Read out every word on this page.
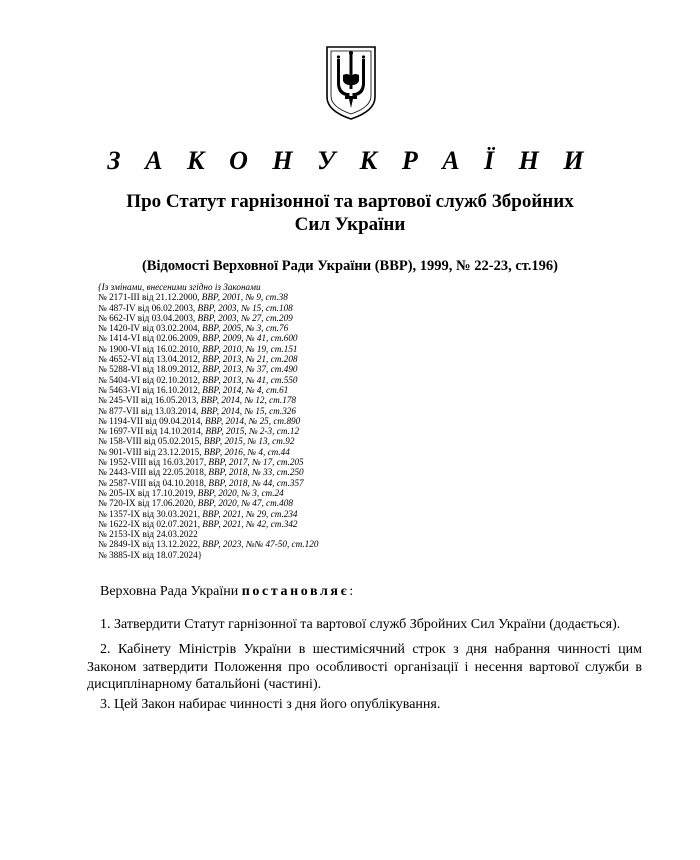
З А К О Н У К Р А Ї Н И
Про Статут гарнізонної та вартової служб Збройних Сил України
(Відомості Верховної Ради України (ВВР), 1999, № 22-23, ст.196)
{Із змінами, внесеними згідно із Законами
№ 2171-III від 21.12.2000, ВВР, 2001, № 9, ст.38
№ 487-IV від 06.02.2003, ВВР, 2003, № 15, ст.108
№ 662-IV від 03.04.2003, ВВР, 2003, № 27, ст.209
№ 1420-IV від 03.02.2004, ВВР, 2005, № 3, ст.76
№ 1414-VI від 02.06.2009, ВВР, 2009, № 41, ст.600
№ 1900-VI від 16.02.2010, ВВР, 2010, № 19, ст.151
№ 4652-VI від 13.04.2012, ВВР, 2013, № 21, ст.208
№ 5288-VI від 18.09.2012, ВВР, 2013, № 37, ст.490
№ 5404-VI від 02.10.2012, ВВР, 2013, № 41, ст.550
№ 5463-VI від 16.10.2012, ВВР, 2014, № 4, ст.61
№ 245-VII від 16.05.2013, ВВР, 2014, № 12, ст.178
№ 877-VII від 13.03.2014, ВВР, 2014, № 15, ст.326
№ 1194-VII від 09.04.2014, ВВР, 2014, № 25, ст.890
№ 1697-VII від 14.10.2014, ВВР, 2015, № 2-3, ст.12
№ 158-VIII від 05.02.2015, ВВР, 2015, № 13, ст.92
№ 901-VIII від 23.12.2015, ВВР, 2016, № 4, ст.44
№ 1952-VIII від 16.03.2017, ВВР, 2017, № 17, ст.205
№ 2443-VIII від 22.05.2018, ВВР, 2018, № 33, ст.250
№ 2587-VIII від 04.10.2018, ВВР, 2018, № 44, ст.357
№ 205-IX від 17.10.2019, ВВР, 2020, № 3, ст.24
№ 720-IX від 17.06.2020, ВВР, 2020, № 47, ст.408
№ 1357-IX від 30.03.2021, ВВР, 2021, № 29, ст.234
№ 1622-IX від 02.07.2021, ВВР, 2021, № 42, ст.342
№ 2153-IX від 24.03.2022
№ 2849-IX від 13.12.2022, ВВР, 2023, №№ 47-50, ст.120
№ 3885-IX від 18.07.2024}
Верховна Рада України постановляє:
1. Затвердити Статут гарнізонної та вартової служб Збройних Сил України (додається).
2. Кабінету Міністрів України в шестимісячний строк з дня набрання чинності цим Законом затвердити Положення про особливості організації і несення вартової служби в дисциплінарному батальйоні (частині).
3. Цей Закон набирає чинності з дня його опублікування.
